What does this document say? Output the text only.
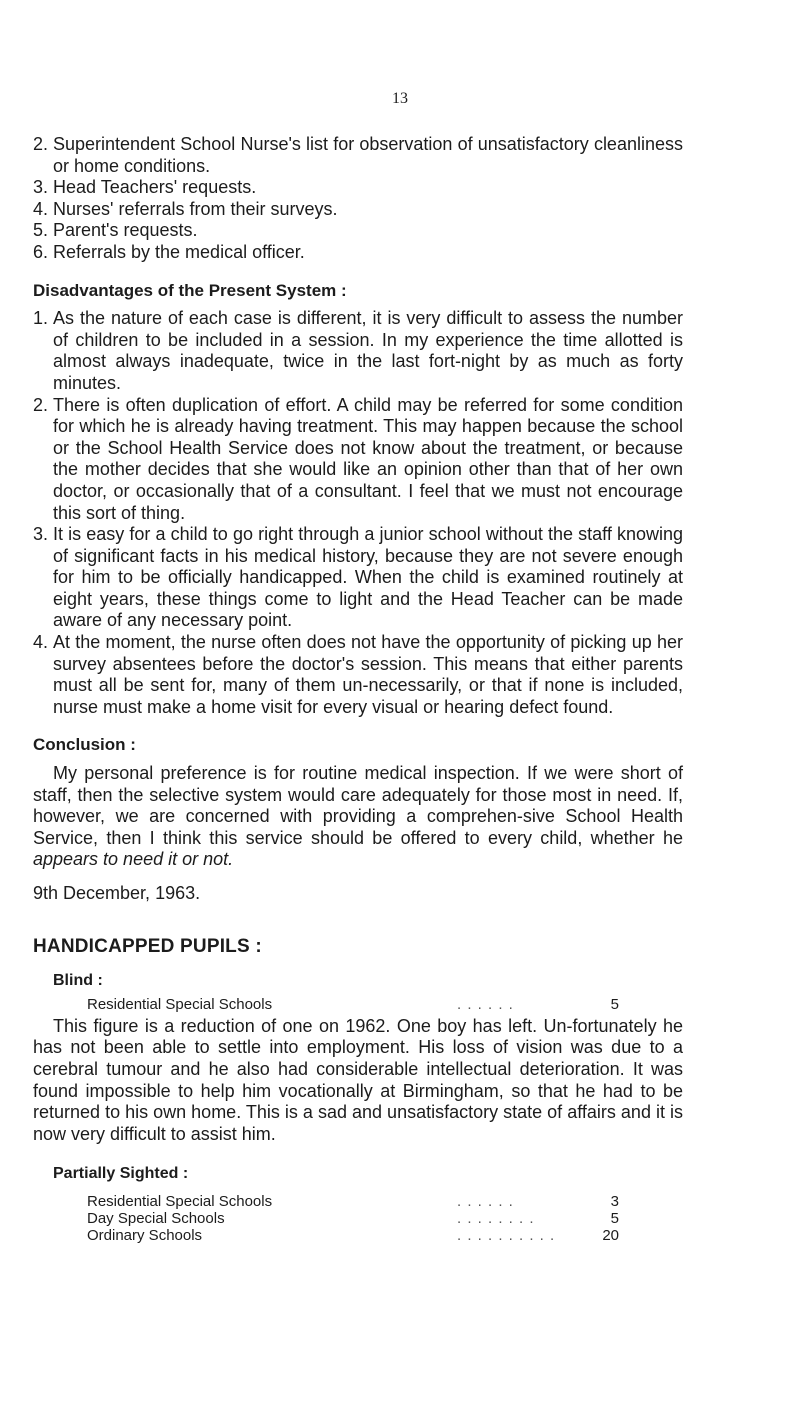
13
2. Superintendent School Nurse's list for observation of unsatisfactory cleanliness or home conditions.
3. Head Teachers' requests.
4. Nurses' referrals from their surveys.
5. Parent's requests.
6. Referrals by the medical officer.
Disadvantages of the Present System :
1. As the nature of each case is different, it is very difficult to assess the number of children to be included in a session. In my experience the time allotted is almost always inadequate, twice in the last fort-night by as much as forty minutes.
2. There is often duplication of effort. A child may be referred for some condition for which he is already having treatment. This may happen because the school or the School Health Service does not know about the treatment, or because the mother decides that she would like an opinion other than that of her own doctor, or occasionally that of a consultant. I feel that we must not encourage this sort of thing.
3. It is easy for a child to go right through a junior school without the staff knowing of significant facts in his medical history, because they are not severe enough for him to be officially handicapped. When the child is examined routinely at eight years, these things come to light and the Head Teacher can be made aware of any necessary point.
4. At the moment, the nurse often does not have the opportunity of picking up her survey absentees before the doctor's session. This means that either parents must all be sent for, many of them un-necessarily, or that if none is included, nurse must make a home visit for every visual or hearing defect found.
Conclusion :

My personal preference is for routine medical inspection. If we were short of staff, then the selective system would care adequately for those most in need. If, however, we are concerned with providing a comprehen-sive School Health Service, then I think this service should be offered to every child, whether he appears to need it or not.

9th December, 1963.
HANDICAPPED PUPILS :
Blind :
Residential Special Schools	. . . . . .	5

This figure is a reduction of one on 1962. One boy has left. Un-fortunately he has not been able to settle into employment. His loss of vision was due to a cerebral tumour and he also had considerable intellectual deterioration. It was found impossible to help him vocationally at Birmingham, so that he had to be returned to his own home. This is a sad and unsatisfactory state of affairs and it is now very difficult to assist him.

Partially Sighted :
Residential Special Schools	. . . . . .	3
Day Special Schools	. . . . . . . .	5
Ordinary Schools	. . . . . . . . . .	20
